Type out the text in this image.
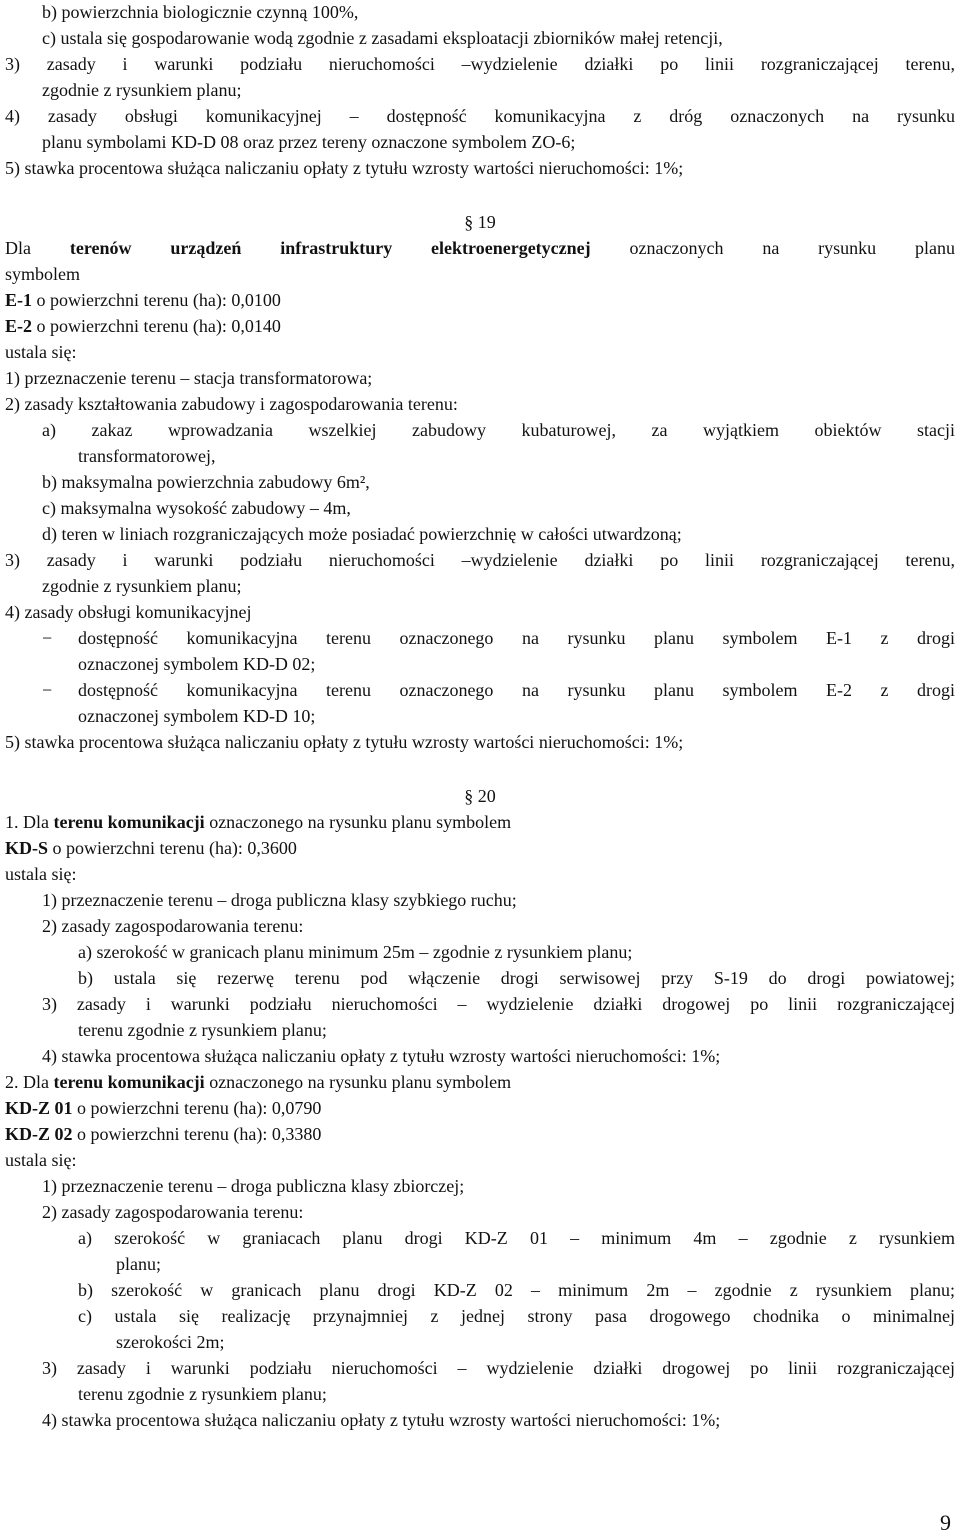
b) powierzchnia biologicznie czynną 100%,
c) ustala się gospodarowanie wodą zgodnie z zasadami eksploatacji zbiorników małej retencji,
3) zasady i warunki podziału nieruchomości –wydzielenie działki po linii rozgraniczającej terenu,
zgodnie z rysunkiem planu;
4) zasady obsługi komunikacyjnej – dostępność komunikacyjna z dróg oznaczonych na rysunku
planu symbolami KD-D 08 oraz przez tereny oznaczone symbolem ZO-6;
5) stawka procentowa służąca naliczaniu opłaty z tytułu wzrosty wartości nieruchomości: 1%;
§ 19
Dla terenów urządzeń infrastruktury elektroenergetycznej oznaczonych na rysunku planu
symbolem
E-1 o powierzchni terenu (ha): 0,0100
E-2 o powierzchni terenu (ha): 0,0140
ustala się:
1) przeznaczenie terenu – stacja transformatorowa;
2) zasady kształtowania zabudowy i zagospodarowania terenu:
a) zakaz wprowadzania wszelkiej zabudowy kubaturowej, za wyjątkiem obiektów stacji
transformatorowej,
b) maksymalna powierzchnia zabudowy 6m²,
c) maksymalna wysokość zabudowy – 4m,
d) teren w liniach rozgraniczających może posiadać powierzchnię w całości utwardzoną;
3) zasady i warunki podziału nieruchomości –wydzielenie działki po linii rozgraniczającej terenu,
zgodnie z rysunkiem planu;
4) zasady obsługi komunikacyjnej
− dostępność komunikacyjna terenu oznaczonego na rysunku planu symbolem E-1 z drogi
oznaczonej symbolem KD-D 02;
− dostępność komunikacyjna terenu oznaczonego na rysunku planu symbolem E-2 z drogi
oznaczonej symbolem KD-D 10;
5) stawka procentowa służąca naliczaniu opłaty z tytułu wzrosty wartości nieruchomości: 1%;
§ 20
1. Dla terenu komunikacji oznaczonego na rysunku planu symbolem
KD-S o powierzchni terenu (ha): 0,3600
ustala się:
1) przeznaczenie terenu – droga publiczna klasy szybkiego ruchu;
2) zasady zagospodarowania terenu:
a) szerokość w granicach planu minimum 25m – zgodnie z rysunkiem planu;
b) ustala się rezerwę terenu pod włączenie drogi serwisowej przy S-19 do drogi powiatowej;
3) zasady i warunki podziału nieruchomości – wydzielenie działki drogowej po linii rozgraniczającej
terenu zgodnie z rysunkiem planu;
4) stawka procentowa służąca naliczaniu opłaty z tytułu wzrosty wartości nieruchomości: 1%;
2. Dla terenu komunikacji oznaczonego na rysunku planu symbolem
KD-Z 01 o powierzchni terenu (ha): 0,0790
KD-Z 02 o powierzchni terenu (ha): 0,3380
ustala się:
1) przeznaczenie terenu – droga publiczna klasy zbiorczej;
2) zasady zagospodarowania terenu:
a) szerokość w graniacach planu drogi KD-Z 01 – minimum 4m – zgodnie z rysunkiem
planu;
b) szerokość w granicach planu drogi KD-Z 02 – minimum 2m – zgodnie z rysunkiem planu;
c) ustala się realizację przynajmniej z jednej strony pasa drogowego chodnika o minimalnej
szerokości 2m;
3) zasady i warunki podziału nieruchomości – wydzielenie działki drogowej po linii rozgraniczającej
terenu zgodnie z rysunkiem planu;
4) stawka procentowa służąca naliczaniu opłaty z tytułu wzrosty wartości nieruchomości: 1%;
9
